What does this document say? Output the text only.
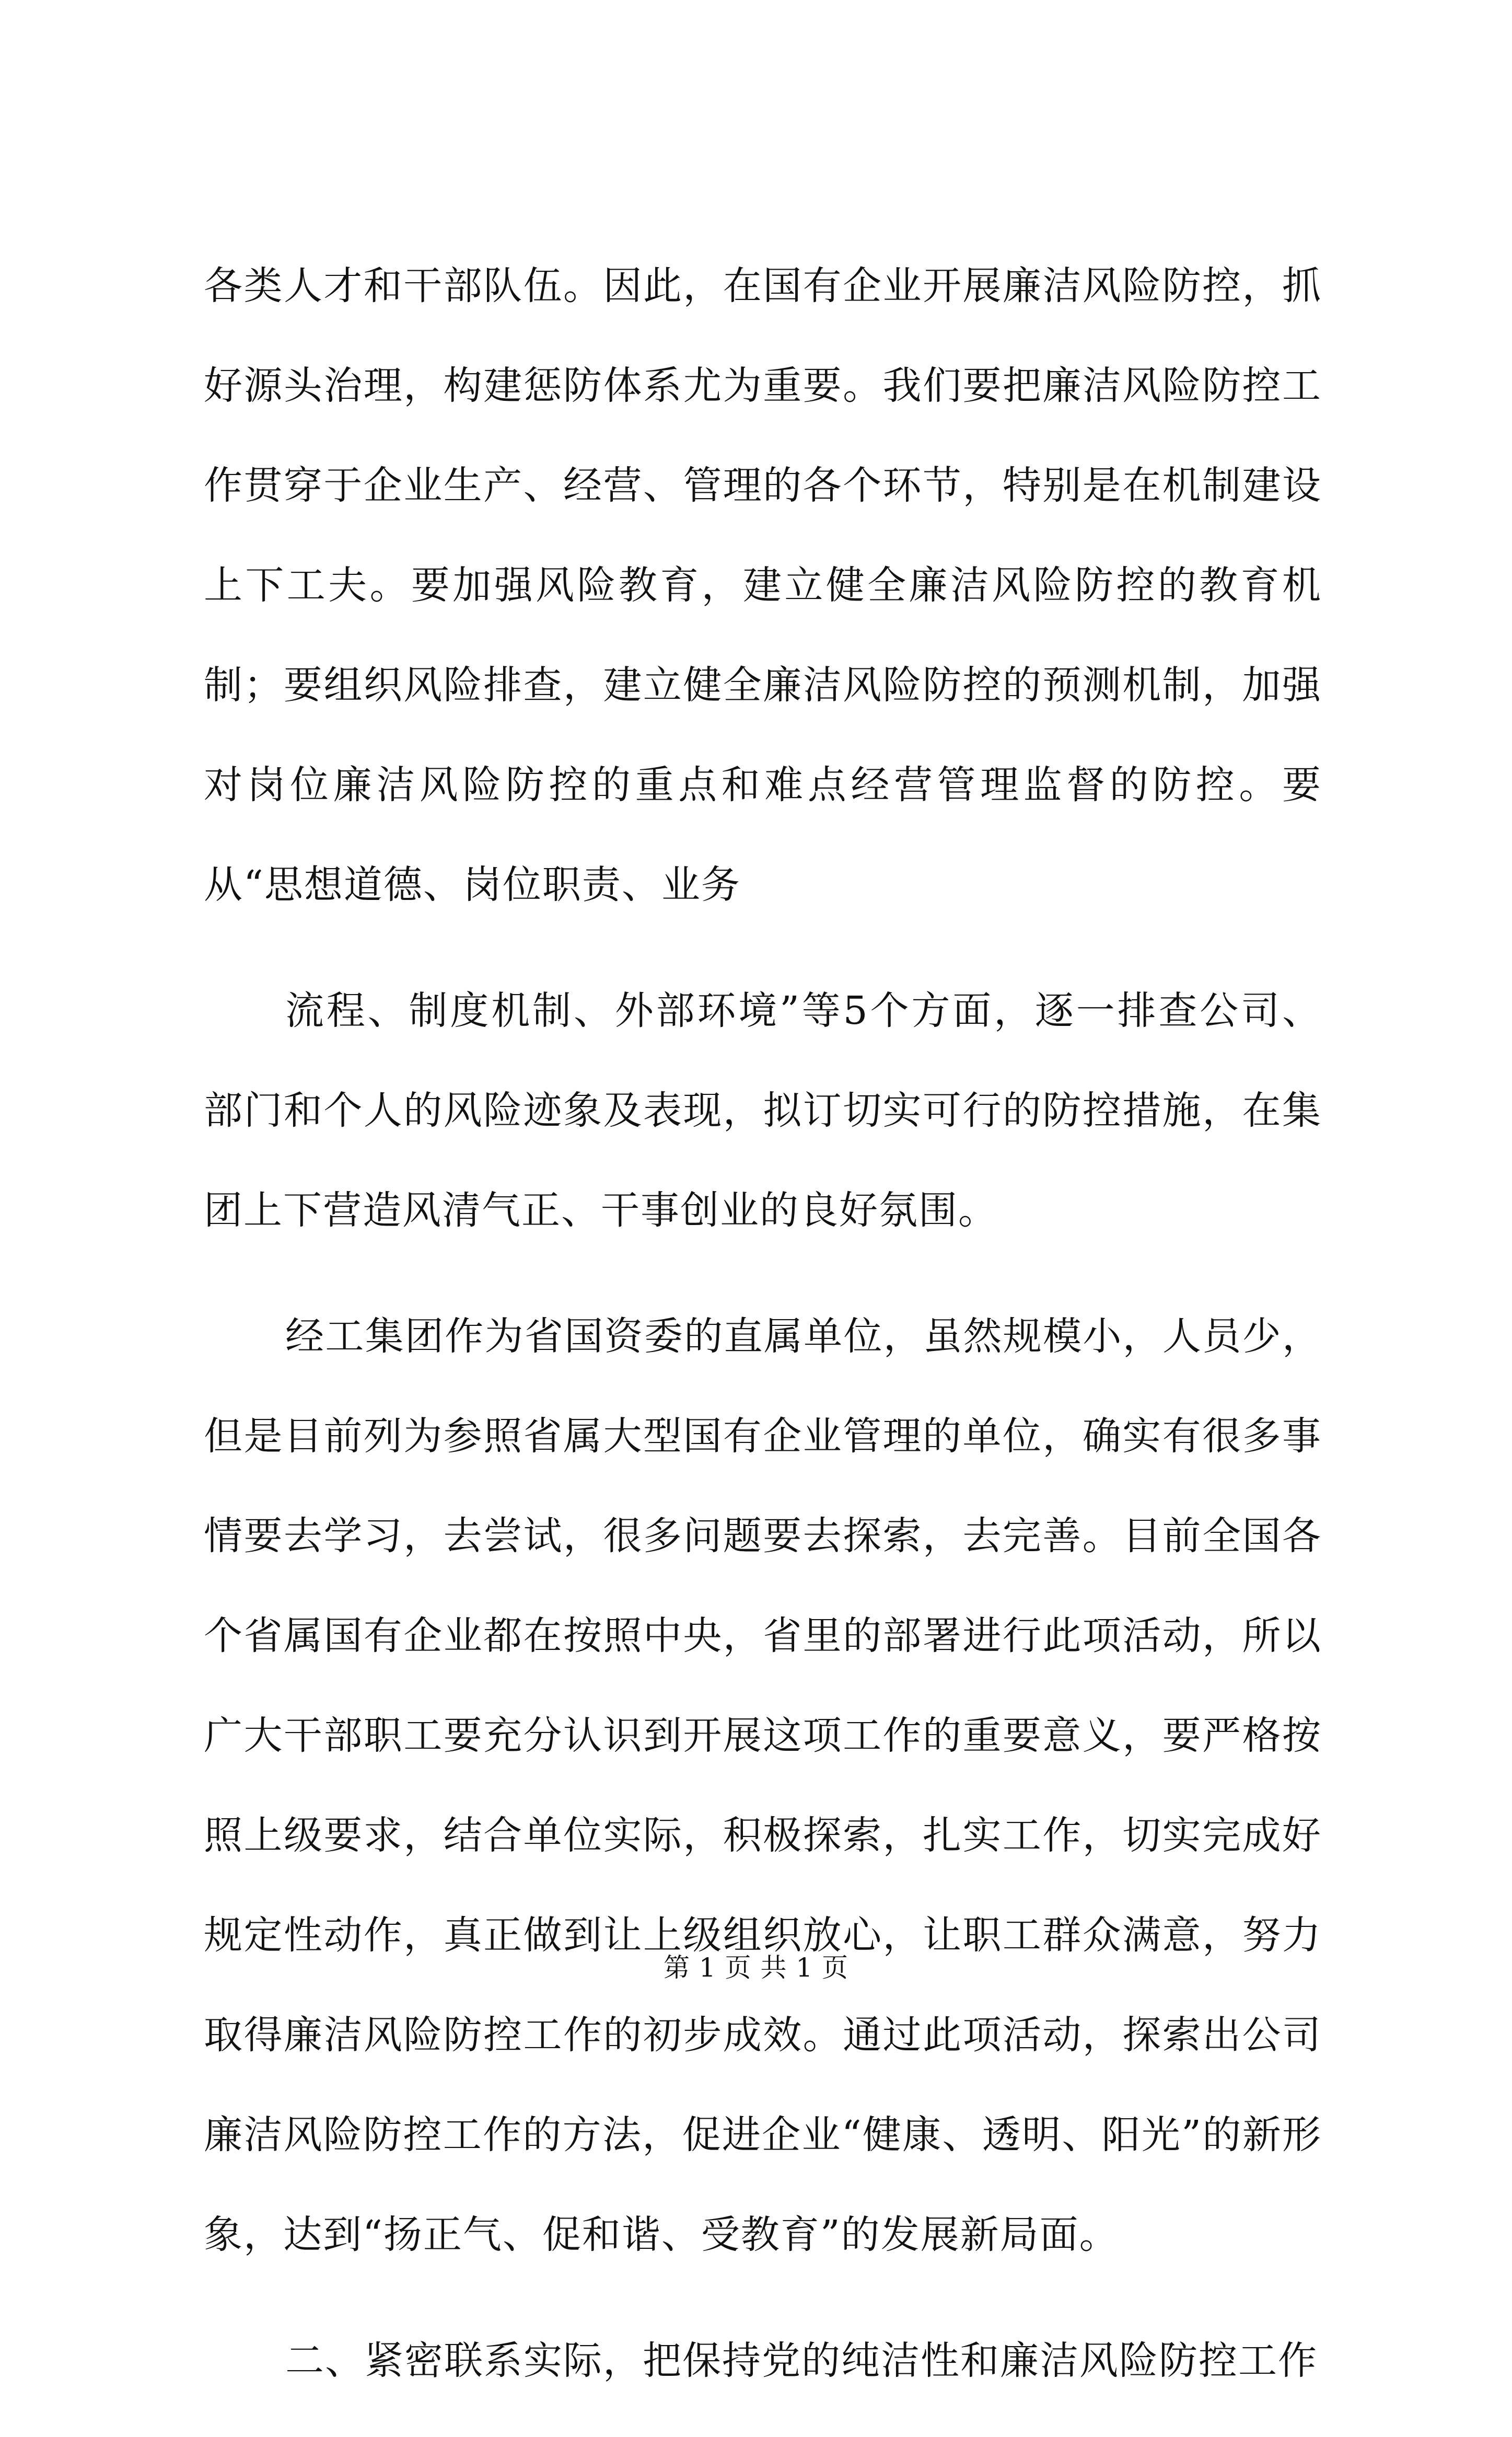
各类人才和干部队伍。因此，在国有企业开展廉洁风险防控，抓好源头治理，构建惩防体系尤为重要。我们要把廉洁风险防控工作贯穿于企业生产、经营、管理的各个环节，特别是在机制建设上下工夫。要加强风险教育，建立健全廉洁风险防控的教育机制；要组织风险排查，建立健全廉洁风险防控的预测机制，加强对岗位廉洁风险防控的重点和难点经营管理监督的防控。要从“思想道德、岗位职责、业务

流程、制度机制、外部环境”等5个方面，逐一排查公司、部门和个人的风险迹象及表现，拟订切实可行的防控措施，在集团上下营造风清气正、干事创业的良好氛围。

经工集团作为省国资委的直属单位，虽然规模小，人员少，但是目前列为参照省属大型国有企业管理的单位，确实有很多事情要去学习，去尝试，很多问题要去探索，去完善。目前全国各个省属国有企业都在按照中央，省里的部署进行此项活动，所以广大干部职工要充分认识到开展这项工作的重要意义，要严格按照上级要求，结合单位实际，积极探索，扎实工作，切实完成好规定性动作，真正做到让上级组织放心，让职工群众满意，努力取得廉洁风险防控工作的初步成效。通过此项活动，探索出公司廉洁风险防控工作的方法，促进企业“健康、透明、阳光”的新形象，达到“扬正气、促和谐、受教育”的发展新局面。

二、紧密联系实际，把保持党的纯洁性和廉洁风险防控工作

第 1 页 共 1 页
